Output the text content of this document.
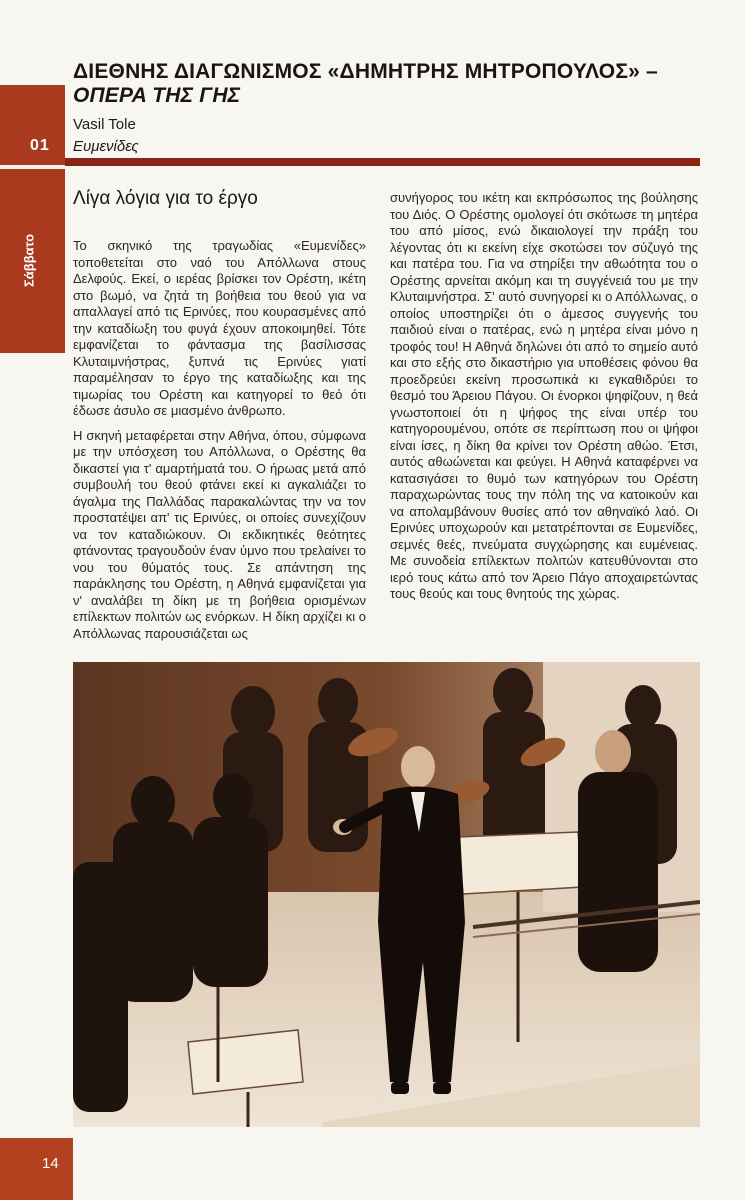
01
Σάββατο
ΔΙΕΘΝΗΣ ΔΙΑΓΩΝΙΣΜΟΣ «ΔΗΜΗΤΡΗΣ ΜΗΤΡΟΠΟΥΛΟΣ» –
ΟΠΕΡΑ ΤΗΣ ΓΗΣ
Vasil Tole
Ευμενίδες
Λίγα λόγια για το έργο

Το σκηνικό της τραγωδίας «Ευμενίδες» τοποθετείται στο ναό του Απόλλωνα στους Δελφούς. Εκεί, ο ιερέας βρίσκει τον Ορέστη, ικέτη στο βωμό, να ζητά τη βοήθεια του θεού για να απαλλαγεί από τις Ερινύες, που κουρασμένες από την καταδίωξη του φυγά έχουν αποκοιμηθεί. Τότε εμφανίζεται το φάντασμα της βασίλισσας Κλυταιμνήστρας, ξυπνά τις Ερινύες γιατί παραμέλησαν το έργο της καταδίωξης και της τιμωρίας του Ορέστη και κατηγορεί το θεό ότι έδωσε άσυλο σε μιασμένο άνθρωπο.

Η σκηνή μεταφέρεται στην Αθήνα, όπου, σύμφωνα με την υπόσχεση του Απόλλωνα, ο Ορέστης θα δικαστεί για τ' αμαρτήματά του. Ο ήρωας μετά από συμβουλή του θεού φτάνει εκεί κι αγκαλιάζει το άγαλμα της Παλλάδας παρακαλώντας την να τον προστατέψει απ' τις Ερινύες, οι οποίες συνεχίζουν να τον καταδιώκουν. Οι εκδικητικές θεότητες φτάνοντας τραγουδούν έναν ύμνο που τρελαίνει το νου του θύματός τους. Σε απάντηση της παράκλησης του Ορέστη, η Αθηνά εμφανίζεται για ν' αναλάβει τη δίκη με τη βοήθεια ορισμένων επίλεκτων πολιτών ως ενόρκων. Η δίκη αρχίζει κι ο Απόλλωνας παρουσιάζεται ως

συνήγορος του ικέτη και εκπρόσωπος της βούλησης του Διός. Ο Ορέστης ομολογεί ότι σκότωσε τη μητέρα του από μίσος, ενώ δικαιολογεί την πράξη του λέγοντας ότι κι εκείνη είχε σκοτώσει τον σύζυγό της και πατέρα του. Για να στηρίξει την αθωότητα του ο Ορέστης αρνείται ακόμη και τη συγγένειά του με την Κλυταιμνήστρα. Σ' αυτό συνηγορεί κι ο Απόλλωνας, ο οποίος υποστηρίζει ότι ο άμεσος συγγενής του παιδιού είναι ο πατέρας, ενώ η μητέρα είναι μόνο η τροφός του! Η Αθηνά δηλώνει ότι από το σημείο αυτό και στο εξής στο δικαστήριο για υποθέσεις φόνου θα προεδρεύει εκείνη προσωπικά κι εγκαθιδρύει το θεσμό του Άρειου Πάγου. Οι ένορκοι ψηφίζουν, η θεά γνωστοποιεί ότι η ψήφος της είναι υπέρ του κατηγορουμένου, οπότε σε περίπτωση που οι ψήφοι είναι ίσες, η δίκη θα κρίνει τον Ορέστη αθώο. Έτσι, αυτός αθωώνεται και φεύγει. Η Αθηνά καταφέρνει να κατασιγάσει το θυμό των κατηγόρων του Ορέστη παραχωρώντας τους την πόλη της να κατοικούν και να απολαμβάνουν θυσίες από τον αθηναϊκό λαό. Οι Ερινύες υποχωρούν και μετατρέπονται σε Ευμενίδες, σεμνές θεές, πνεύματα συγχώρησης και ευμένειας. Με συνοδεία επίλεκτων πολιτών κατευθύνονται στο ιερό τους κάτω από τον Άρειο Πάγο αποχαιρετώντας τους θεούς και τους θνητούς της χώρας.

14
